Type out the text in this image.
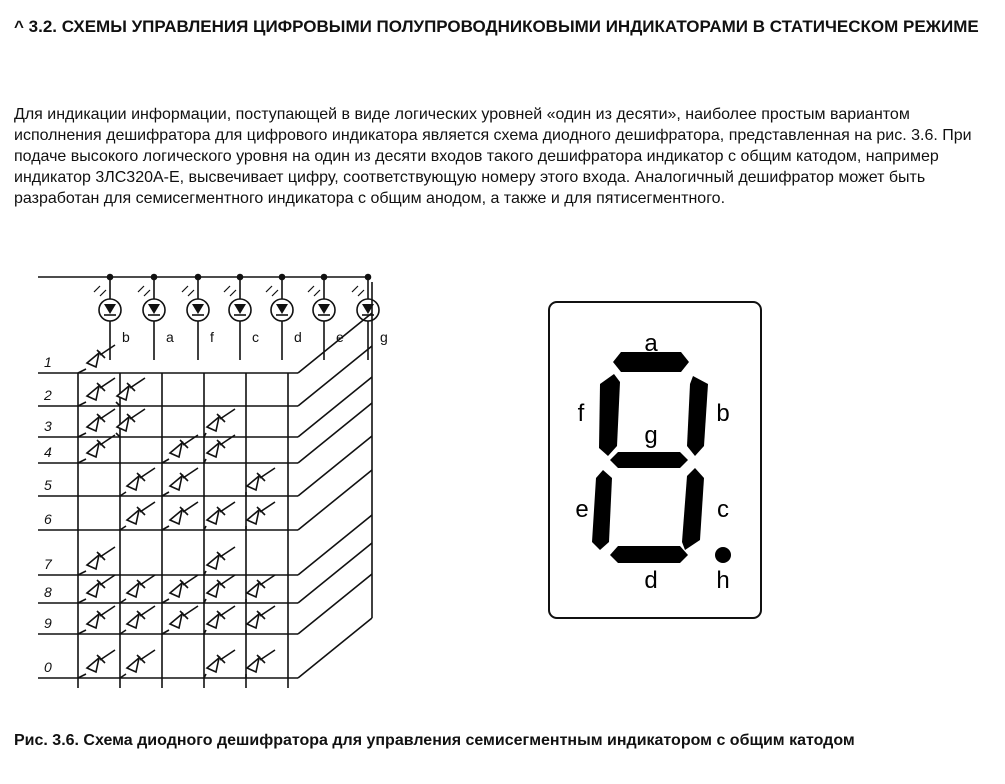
^ 3.2. СХЕМЫ УПРАВЛЕНИЯ ЦИФРОВЫМИ ПОЛУПРОВОДНИКОВЫМИ ИНДИКАТОРАМИ В СТАТИЧЕСКОМ РЕЖИМЕ

Для индикации информации, поступающей в виде логических уровней «один из десяти», наиболее простым вариантом исполнения дешифратора для цифрового индикатора является схема диодного дешифратора, представленная на рис. 3.6. При подаче высокого логического уровня на один из десяти входов такого дешифратора индикатор с общим катодом, например индикатор 3ЛС320А-Е, высвечивает цифру, соответствующую номеру этого входа. Аналогичный дешифратор может быть разработан для семисегментного индикатора с общим анодом, а также и для пятисегментного.

b	a	f	c	d e	g
1
2
3
4
5
6
7
8
9
0
a
b
c
d
e
f
g
h

Рис. 3.6. Схема диодного дешифратора для управления семисегментным индикатором с общим катодом
